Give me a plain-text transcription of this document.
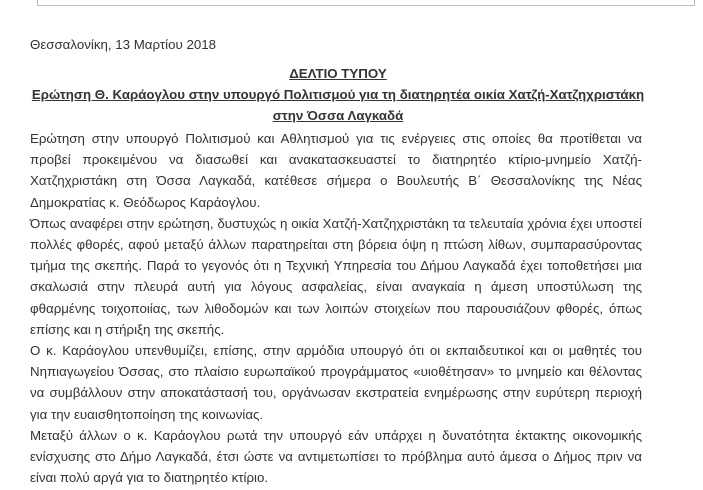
Θεσσαλονίκη, 13 Μαρτίου 2018
ΔΕΛΤΙΟ ΤΥΠΟΥ
Ερώτηση Θ. Καράογλου στην υπουργό Πολιτισμού για τη διατηρητέα οικία Χατζή-Χατζηχριστάκη στην Όσσα Λαγκαδά

Ερώτηση στην υπουργό Πολιτισμού και Αθλητισμού για τις ενέργειες στις οποίες θα προτίθεται να προβεί προκειμένου να διασωθεί και ανακατασκευαστεί το διατηρητέο κτίριο-μνημείο Χατζή-Χατζηχριστάκη στη Όσσα Λαγκαδά, κατέθεσε σήμερα ο Βουλευτής Β΄ Θεσσαλονίκης της Νέας Δημοκρατίας κ. Θεόδωρος Καράογλου.

Όπως αναφέρει στην ερώτηση, δυστυχώς η οικία Χατζή-Χατζηχριστάκη τα τελευταία χρόνια έχει υποστεί πολλές φθορές, αφού μεταξύ άλλων παρατηρείται στη βόρεια όψη η πτώση λίθων, συμπαρασύροντας τμήμα της σκεπής. Παρά το γεγονός ότι η Τεχνική Υπηρεσία του Δήμου Λαγκαδά έχει τοποθετήσει μια σκαλωσιά στην πλευρά αυτή για λόγους ασφαλείας, είναι αναγκαία η άμεση υποστύλωση της φθαρμένης τοιχοποιίας, των λιθοδομών και των λοιπών στοιχείων που παρουσιάζουν φθορές, όπως επίσης και η στήριξη της σκεπής.

Ο κ. Καράογλου υπενθυμίζει, επίσης, στην αρμόδια υπουργό ότι οι εκπαιδευτικοί και οι μαθητές του Νηπιαγωγείου Όσσας, στο πλαίσιο ευρωπαϊκού προγράμματος «υιοθέτησαν» το μνημείο και θέλοντας να συμβάλλουν στην αποκατάστασή του, οργάνωσαν εκστρατεία ενημέρωσης στην ευρύτερη περιοχή για την ευαισθητοποίηση της κοινωνίας.

Μεταξύ άλλων ο κ. Καράογλου ρωτά την υπουργό εάν υπάρχει η δυνατότητα έκτακτης οικονομικής ενίσχυσης στο Δήμο Λαγκαδά, έτσι ώστε να αντιμετωπίσει το πρόβλημα αυτό άμεσα ο Δήμος πριν να είναι πολύ αργά για το διατηρητέο κτίριο.
